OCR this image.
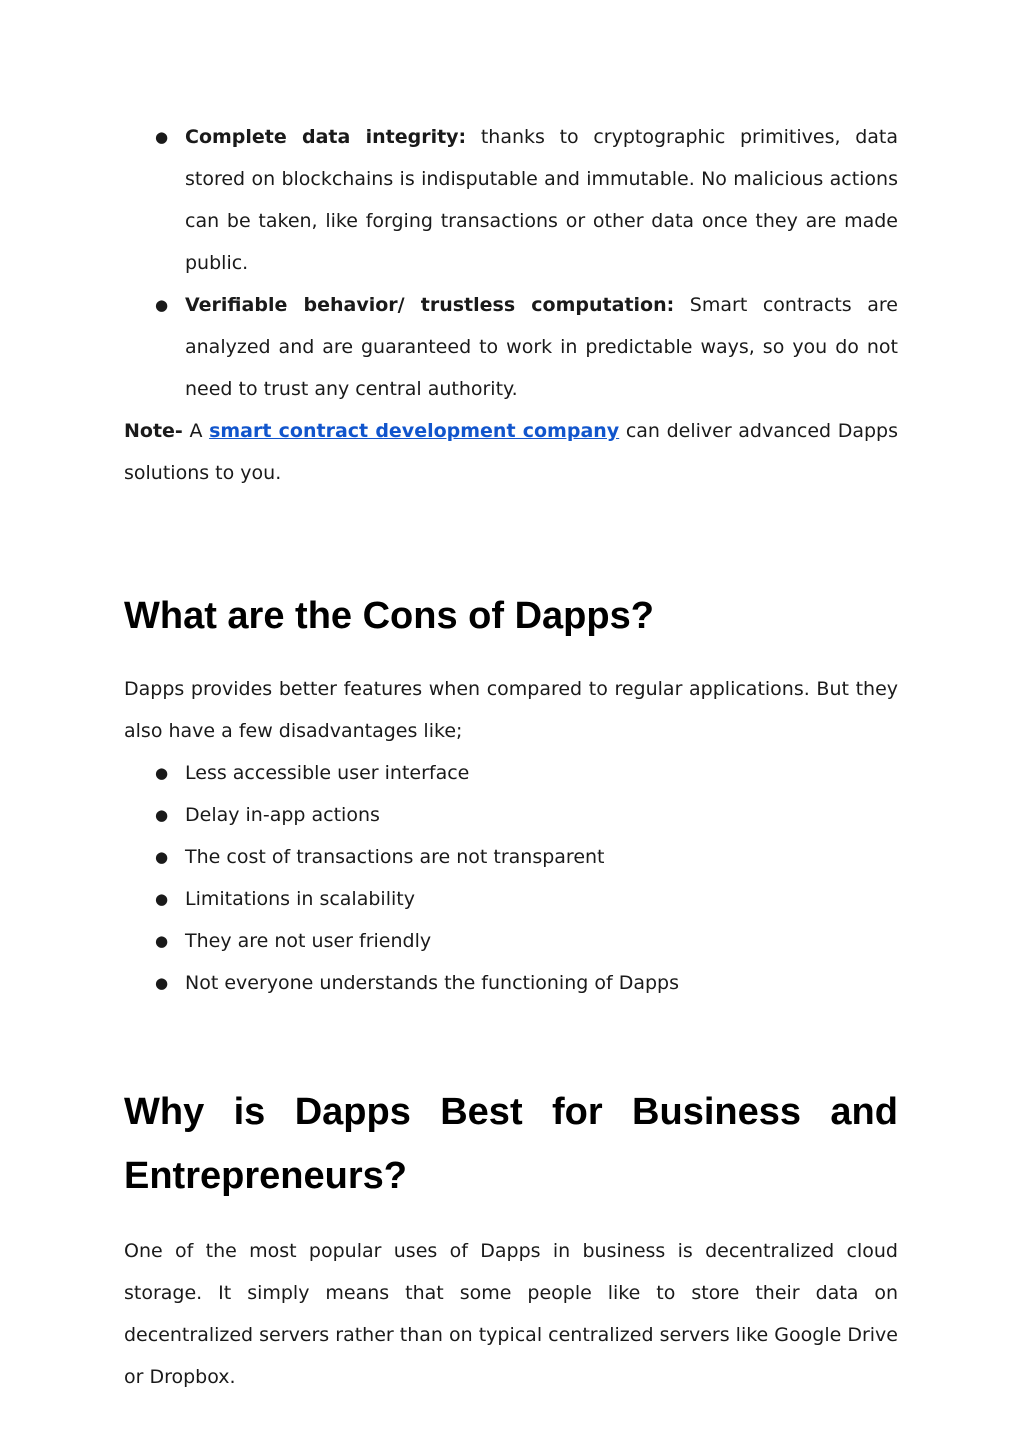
● Complete data integrity: thanks to cryptographic primitives, data stored on blockchains is indisputable and immutable. No malicious actions can be taken, like forging transactions or other data once they are made public.
● Verifiable behavior/ trustless computation: Smart contracts are analyzed and are guaranteed to work in predictable ways, so you do not need to trust any central authority.

Note- A smart contract development company can deliver advanced Dapps solutions to you.

What are the Cons of Dapps?

Dapps provides better features when compared to regular applications. But they also have a few disadvantages like;

● Less accessible user interface
● Delay in-app actions
● The cost of transactions are not transparent
● Limitations in scalability
● They are not user friendly
● Not everyone understands the functioning of Dapps
Why is Dapps Best for Business and
Entrepreneurs?

One of the most popular uses of Dapps in business is decentralized cloud storage. It simply means that some people like to store their data on decentralized servers rather than on typical centralized servers like Google Drive or Dropbox.
